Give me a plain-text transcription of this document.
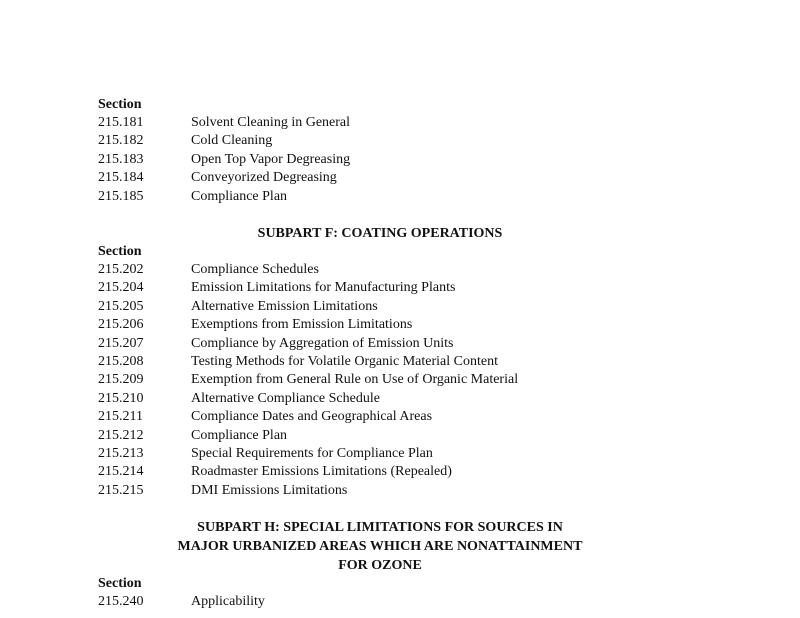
Section
215.181	Solvent Cleaning in General
215.182	Cold Cleaning
215.183	Open Top Vapor Degreasing
215.184	Conveyorized Degreasing
215.185	Compliance Plan
SUBPART F: COATING OPERATIONS
Section
215.202	Compliance Schedules
215.204	Emission Limitations for Manufacturing Plants
215.205	Alternative Emission Limitations
215.206	Exemptions from Emission Limitations
215.207	Compliance by Aggregation of Emission Units
215.208	Testing Methods for Volatile Organic Material Content
215.209	Exemption from General Rule on Use of Organic Material
215.210	Alternative Compliance Schedule
215.211	Compliance Dates and Geographical Areas
215.212	Compliance Plan
215.213	Special Requirements for Compliance Plan
215.214	Roadmaster Emissions Limitations (Repealed)
215.215	DMI Emissions Limitations
SUBPART H: SPECIAL LIMITATIONS FOR SOURCES IN
MAJOR URBANIZED AREAS WHICH ARE NONATTAINMENT
FOR OZONE
Section
215.240	Applicability
